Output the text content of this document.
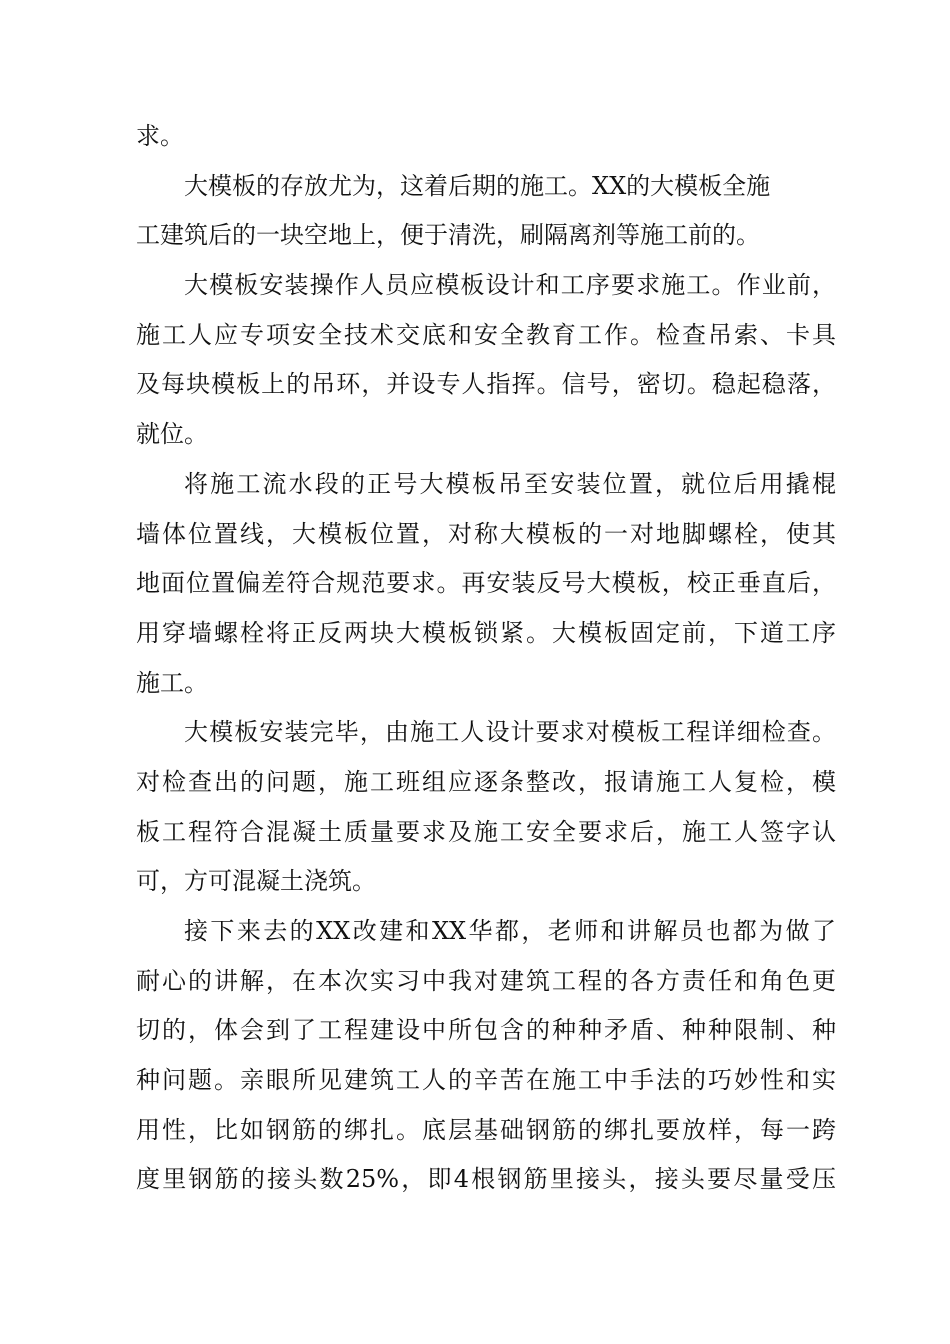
求。
大模板的存放尤为，这着后期的施工。XX的大模板全施
工建筑后的一块空地上，便于清洗，刷隔离剂等施工前的。
大模板安装操作人员应模板设计和工序要求施工。作业前，
施工人应专项安全技术交底和安全教育工作。检查吊索、卡具
及每块模板上的吊环，并设专人指挥。信号，密切。稳起稳落，
就位。
将施工流水段的正号大模板吊至安装位置，就位后用撬棍
墙体位置线，大模板位置，对称大模板的一对地脚螺栓，使其
地面位置偏差符合规范要求。再安装反号大模板，校正垂直后，
用穿墙螺栓将正反两块大模板锁紧。大模板固定前，下道工序
施工。
大模板安装完毕，由施工人设计要求对模板工程详细检查。
对检查出的问题，施工班组应逐条整改，报请施工人复检，模
板工程符合混凝土质量要求及施工安全要求后，施工人签字认
可，方可混凝土浇筑。
接下来去的XX改建和XX华都，老师和讲解员也都为做了
耐心的讲解，在本次实习中我对建筑工程的各方责任和角色更
切的，体会到了工程建设中所包含的种种矛盾、种种限制、种
种问题。亲眼所见建筑工人的辛苦在施工中手法的巧妙性和实
用性，比如钢筋的绑扎。底层基础钢筋的绑扎要放样，每一跨
度里钢筋的接头数25%，即4根钢筋里接头，接头要尽量受压
